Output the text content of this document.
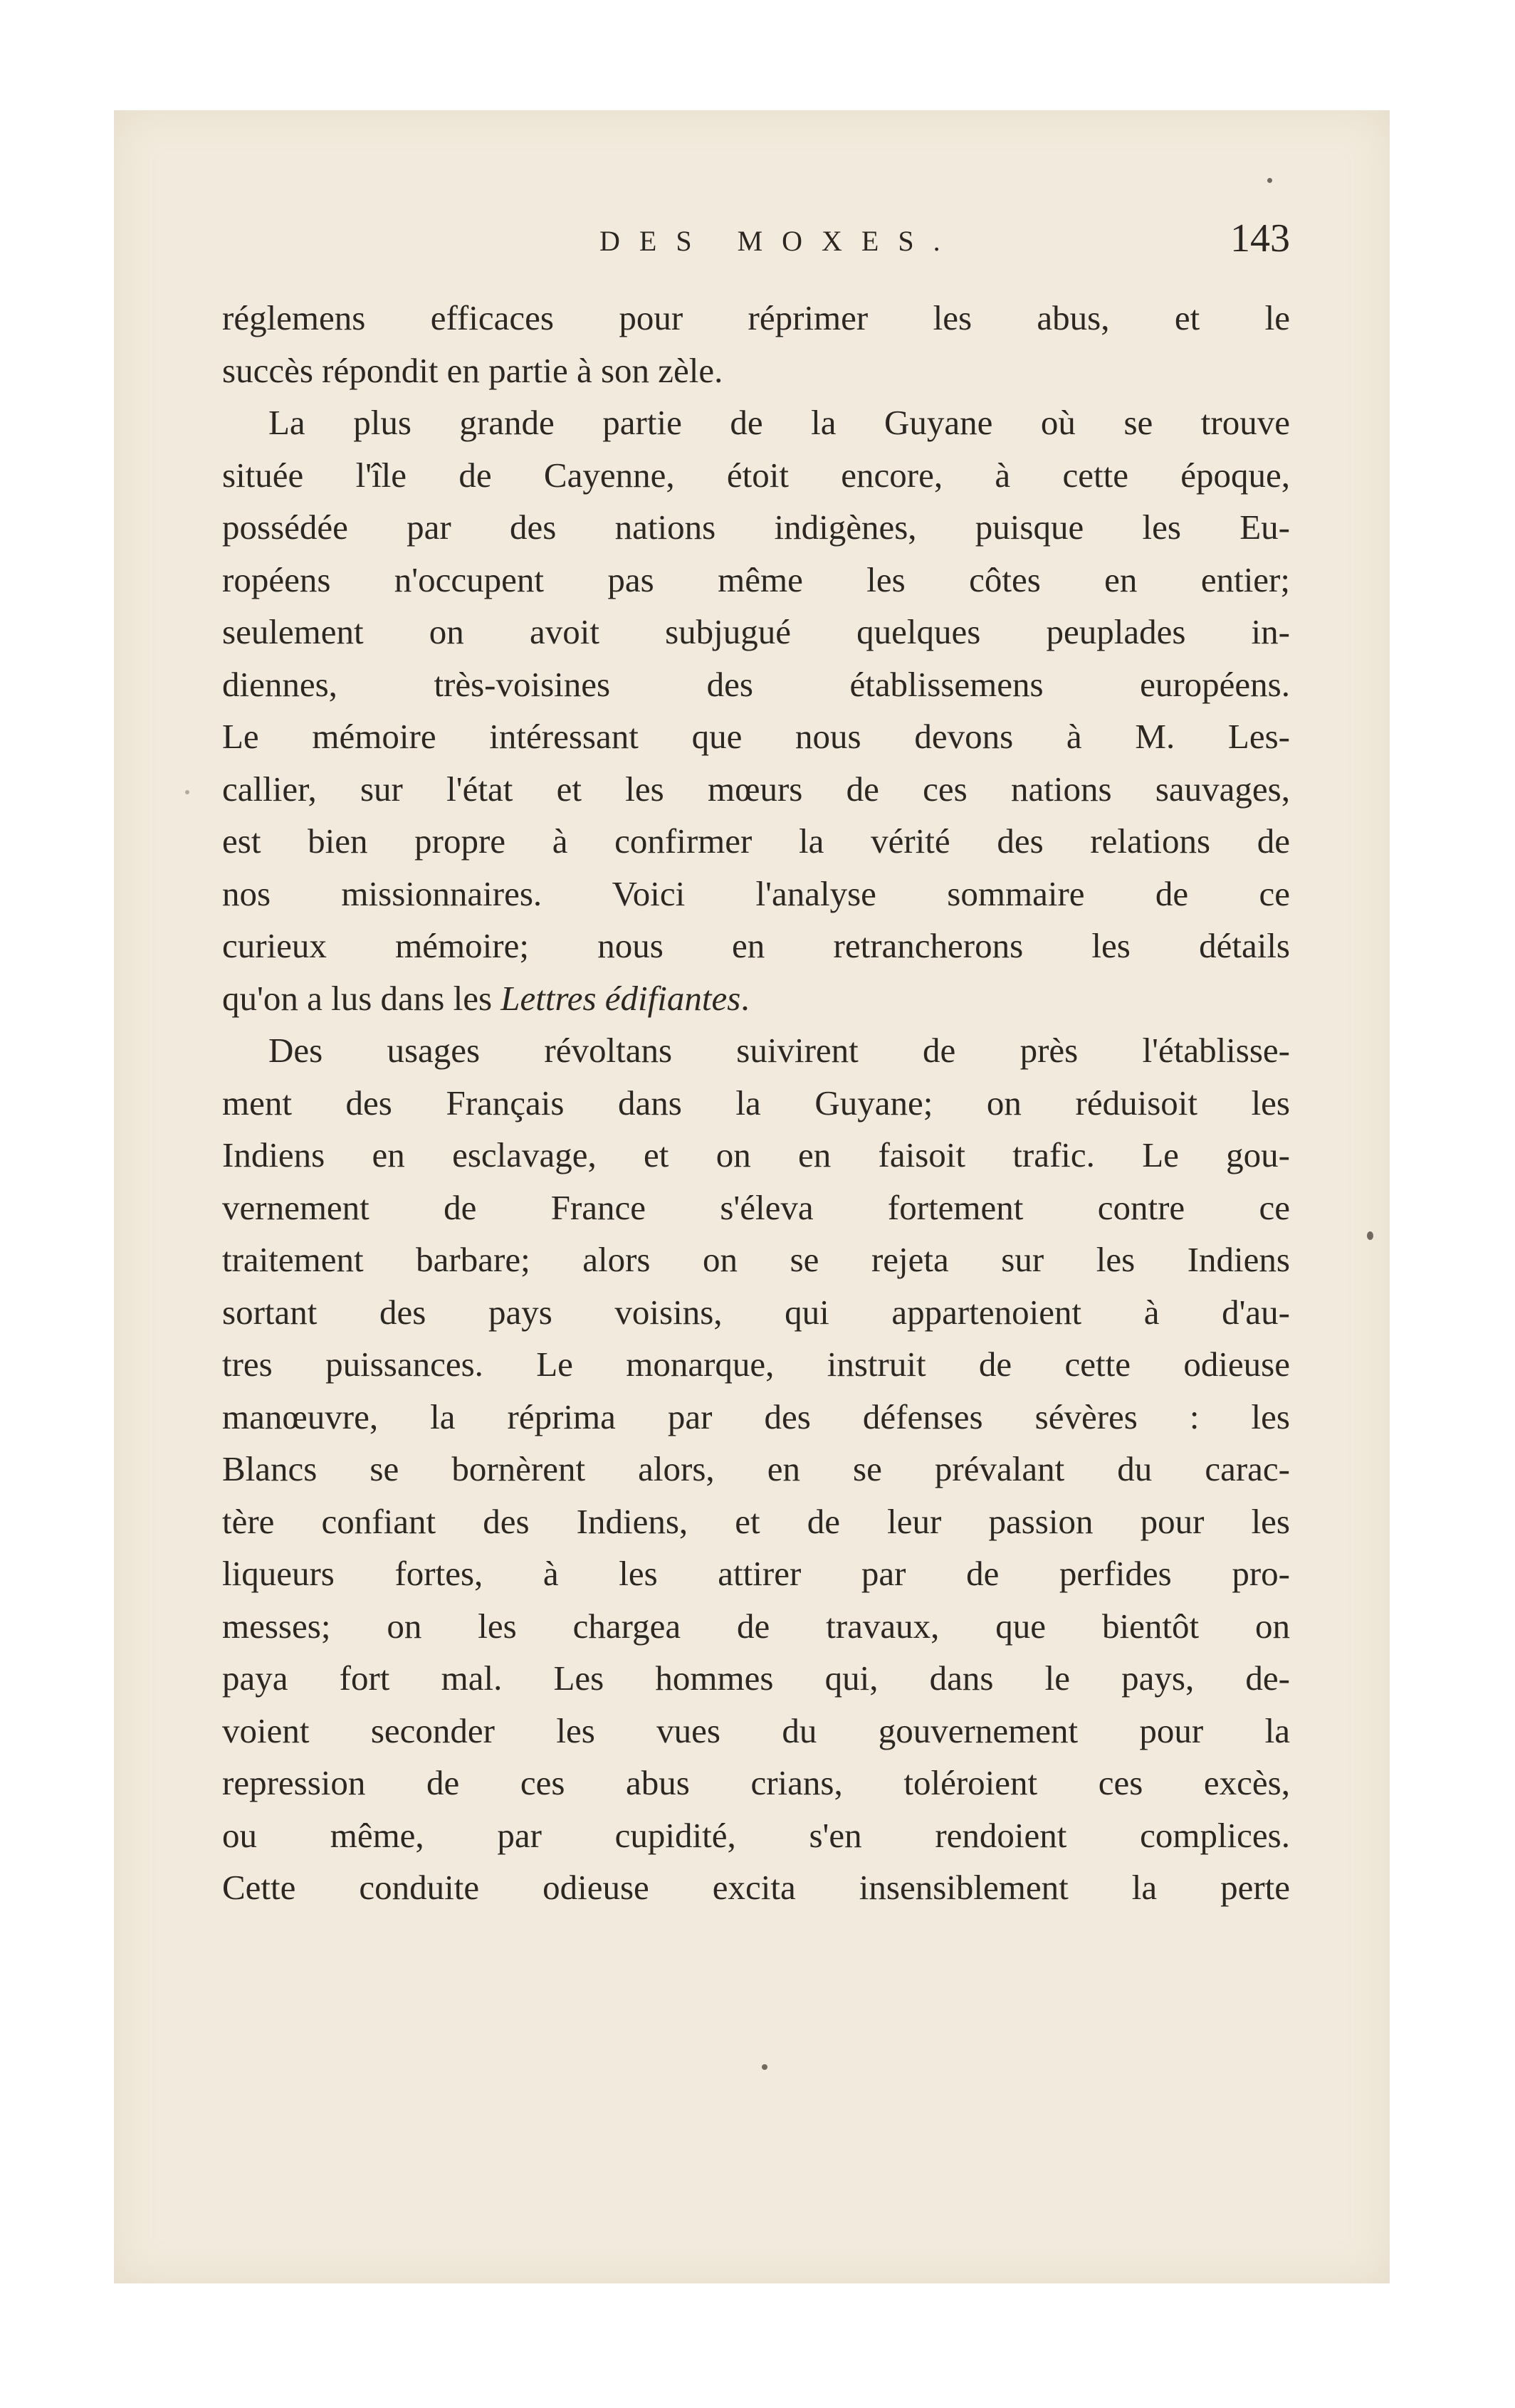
DES MOXES.	143
réglemens efficaces pour réprimer les abus, et le
succès répondit en partie à son zèle.
La plus grande partie de la Guyane où se trouve
située l'île de Cayenne, étoit encore, à cette époque,
possédée par des nations indigènes, puisque les Eu-
ropéens n'occupent pas même les côtes en entier;
seulement on avoit subjugué quelques peuplades in-
diennes, très-voisines des établissemens européens.
Le mémoire intéressant que nous devons à M. Les-
callier, sur l'état et les mœurs de ces nations sauvages,
est bien propre à confirmer la vérité des relations de
nos missionnaires. Voici l'analyse sommaire de ce
curieux mémoire; nous en retrancherons les détails
qu'on a lus dans les Lettres édifiantes.
Des usages révoltans suivirent de près l'établisse-
ment des Français dans la Guyane; on réduisoit les
Indiens en esclavage, et on en faisoit trafic. Le gou-
vernement de France s'éleva fortement contre ce
traitement barbare; alors on se rejeta sur les Indiens
sortant des pays voisins, qui appartenoient à d'au-
tres puissances. Le monarque, instruit de cette odieuse
manœuvre, la réprima par des défenses sévères : les
Blancs se bornèrent alors, en se prévalant du carac-
tère confiant des Indiens, et de leur passion pour les
liqueurs fortes, à les attirer par de perfides pro-
messes; on les chargea de travaux, que bientôt on
paya fort mal. Les hommes qui, dans le pays, de-
voient seconder les vues du gouvernement pour la
repression de ces abus crians, toléroient ces excès,
ou même, par cupidité, s'en rendoient complices.
Cette conduite odieuse excita insensiblement la perte
